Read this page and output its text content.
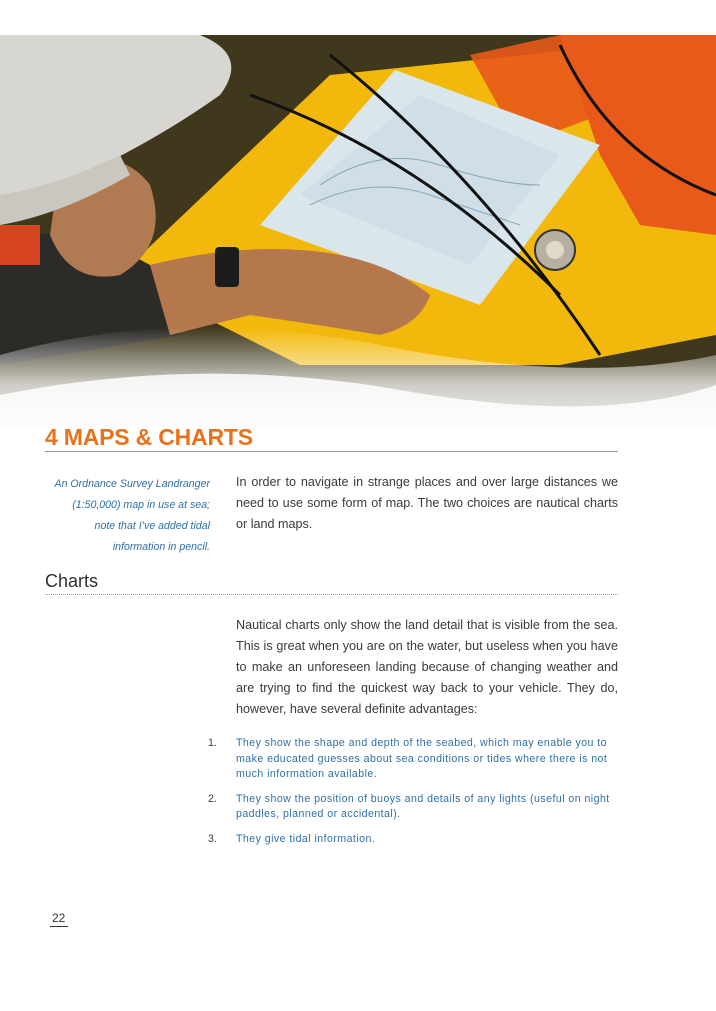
4 MAPS & CHARTS
An Ordnance Survey Landranger
(1:50,000) map in use at sea;
note that I’ve added tidal
information in pencil.

In order to navigate in strange places and over large distances we need to use some form of map. The two choices are nautical charts or land maps.

Charts

Nautical charts only show the land detail that is visible from the sea. This is great when you are on the water, but useless when you have to make an unforeseen landing because of changing weather and are trying to find the quickest way back to your vehicle. They do, however, have several definite advantages:

1.	They show the shape and depth of the seabed, which may enable you to make educated guesses about sea conditions or tides where there is not much information available.
2.	They show the position of buoys and details of any lights (useful on night paddles, planned or accidental).
3.	They give tidal information.
22
